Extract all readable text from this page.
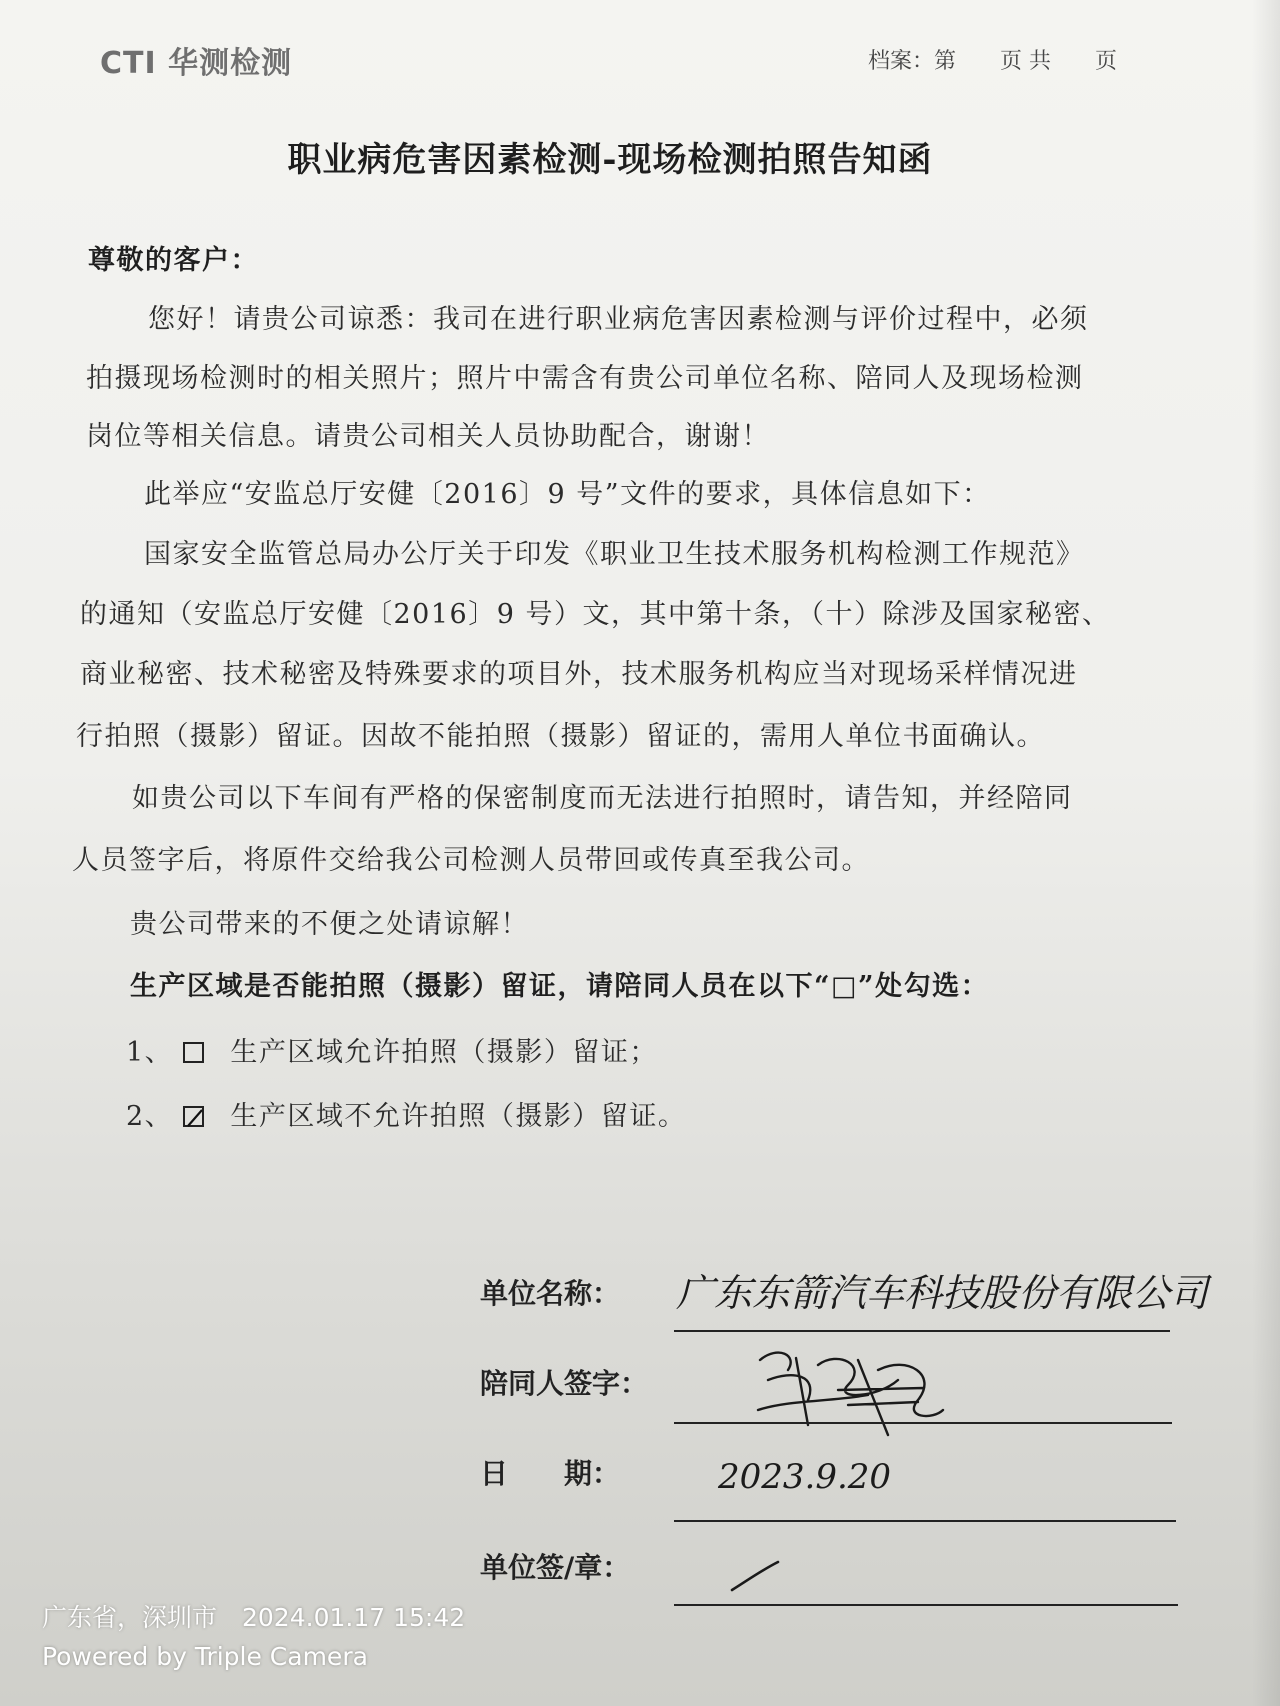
CTI 华测检测	档案：第　　页 共　　页
职业病危害因素检测-现场检测拍照告知函
尊敬的客户：
您好！请贵公司谅悉：我司在进行职业病危害因素检测与评价过程中，必须
拍摄现场检测时的相关照片；照片中需含有贵公司单位名称、陪同人及现场检测
岗位等相关信息。请贵公司相关人员协助配合，谢谢！
此举应“安监总厅安健〔2016〕9 号”文件的要求，具体信息如下：
国家安全监管总局办公厅关于印发《职业卫生技术服务机构检测工作规范》
的通知（安监总厅安健〔2016〕9 号）文，其中第十条，（十）除涉及国家秘密、
商业秘密、技术秘密及特殊要求的项目外，技术服务机构应当对现场采样情况进
行拍照（摄影）留证。因故不能拍照（摄影）留证的，需用人单位书面确认。
如贵公司以下车间有严格的保密制度而无法进行拍照时，请告知，并经陪同
人员签字后，将原件交给我公司检测人员带回或传真至我公司。
贵公司带来的不便之处请谅解！
生产区域是否能拍照（摄影）留证，请陪同人员在以下“□”处勾选：
1、 生产区域允许拍照（摄影）留证；
2、 生产区域不允许拍照（摄影）留证。
单位名称： 广东东箭汽车科技股份有限公司
陪同人签字：
日　　期：	2023.9.20
单位签/章：
广东省，深圳市　2024.01.17 15:42
Powered by Triple Camera
